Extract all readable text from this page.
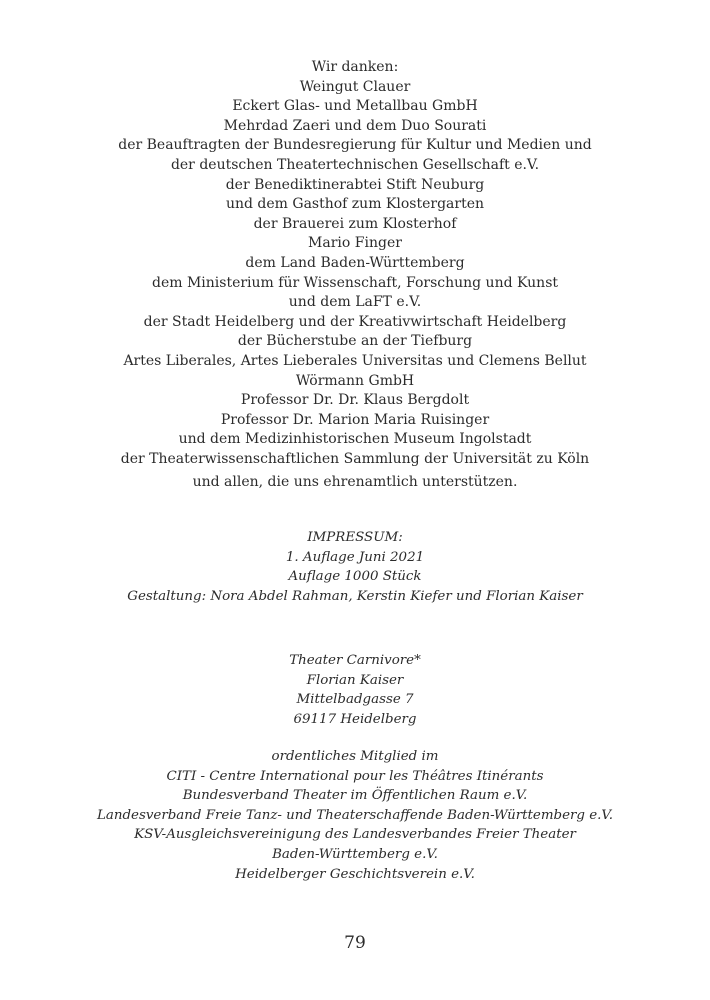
Wir danken:
Weingut Clauer
Eckert Glas- und Metallbau GmbH
Mehrdad Zaeri und dem Duo Sourati
der Beauftragten der Bundesregierung für Kultur und Medien und
der deutschen Theatertechnischen Gesellschaft e.V.
der Benediktinerabtei Stift Neuburg
und dem Gasthof zum Klostergarten
der Brauerei zum Klosterhof
Mario Finger
dem Land Baden-Württemberg
dem Ministerium für Wissenschaft, Forschung und Kunst
und dem LaFT e.V.
der Stadt Heidelberg und der Kreativwirtschaft Heidelberg
der Bücherstube an der Tiefburg
Artes Liberales, Artes Lieberales Universitas und Clemens Bellut
Wörmann GmbH
Professor Dr. Dr. Klaus Bergdolt
Professor Dr. Marion Maria Ruisinger
und dem Medizinhistorischen Museum Ingolstadt
der Theaterwissenschaftlichen Sammlung der Universität zu Köln
und allen, die uns ehrenamtlich unterstützen.
IMPRESSUM:
1. Auflage Juni 2021
Auflage 1000 Stück
Gestaltung: Nora Abdel Rahman, Kerstin Kiefer und Florian Kaiser
Theater Carnivore*
Florian Kaiser
Mittelbadgasse 7
69117 Heidelberg
ordentliches Mitglied im
CITI - Centre International pour les Théâtres Itinérants
Bundesverband Theater im Öffentlichen Raum e.V.
Landesverband Freie Tanz- und Theaterschaffende Baden-Württemberg e.V.
KSV-Ausgleichsvereinigung des Landesverbandes Freier Theater
Baden-Württemberg e.V.
Heidelberger Geschichtsverein e.V.
79
